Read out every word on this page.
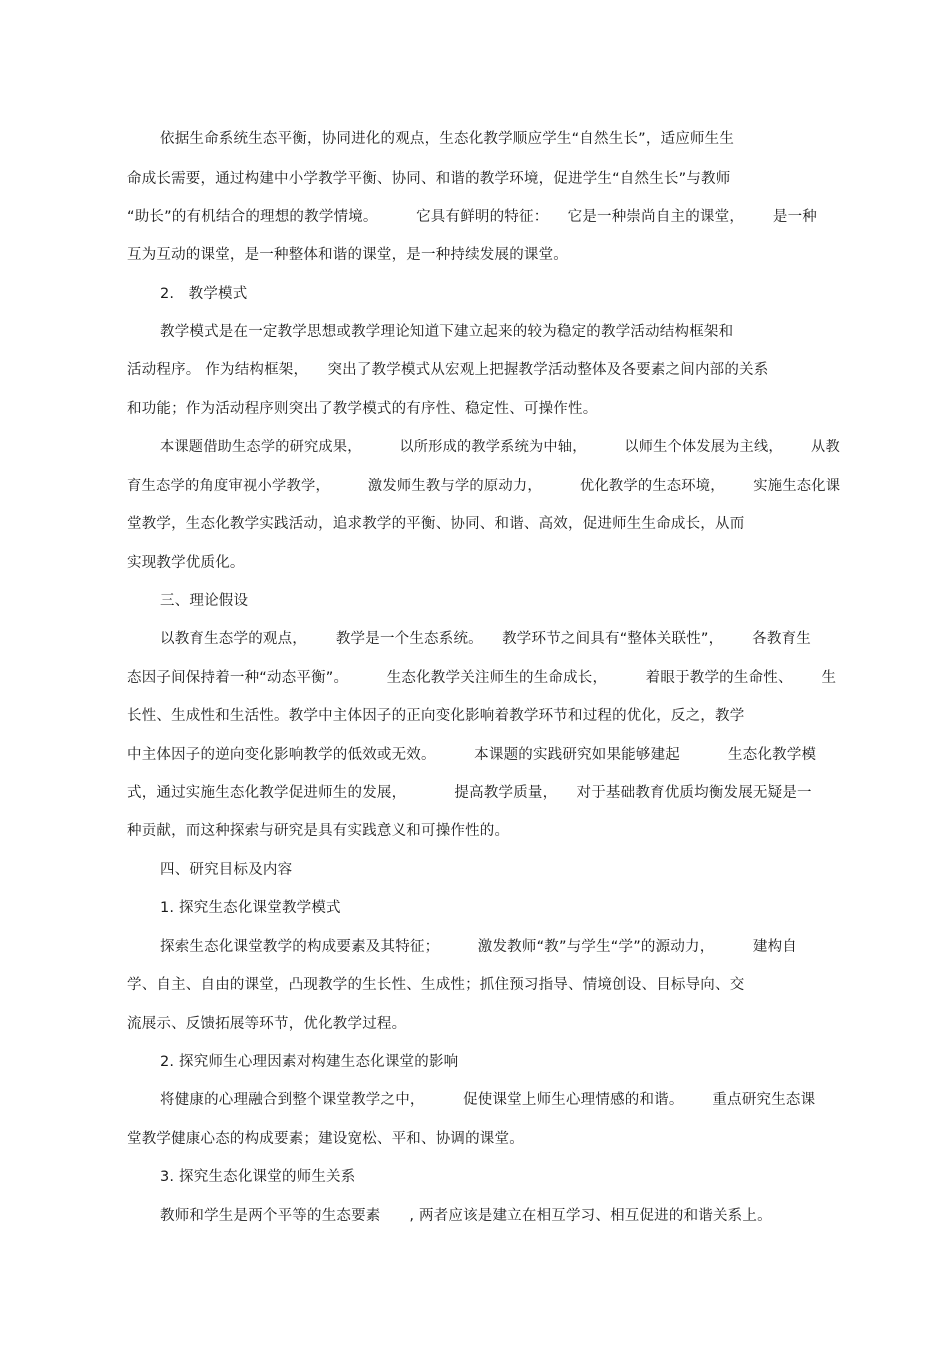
依据生命系统生态平衡，协同进化的观点，生态化教学顺应学生“自然生长”，适应师生生
命成长需要，通过构建中小学教学平衡、协同、和谐的教学环境，促进学生“自然生长”与教师
“助长”的有机结合的理想的教学情境。        它具有鲜明的特征：    它是一种崇尚自主的课堂，      是一种
互为互动的课堂，是一种整体和谐的课堂，是一种持续发展的课堂。
2.   教学模式
教学模式是在一定教学思想或教学理论知道下建立起来的较为稳定的教学活动结构框架和
活动程序。 作为结构框架，    突出了教学模式从宏观上把握教学活动整体及各要素之间内部的关系
和功能；作为活动程序则突出了教学模式的有序性、稳定性、可操作性。
本课题借助生态学的研究成果，        以所形成的教学系统为中轴，        以师生个体发展为主线，      从教
育生态学的角度审视小学教学，        激发师生教与学的原动力，        优化教学的生态环境，      实施生态化课
堂教学，生态化教学实践活动，追求教学的平衡、协同、和谐、高效，促进师生生命成长，从而
实现教学优质化。
三、理论假设
以教育生态学的观点，      教学是一个生态系统。    教学环节之间具有“整体关联性”，      各教育生
态因子间保持着一种“动态平衡”。        生态化教学关注师生的生命成长，        着眼于教学的生命性、      生
长性、生成性和生活性。教学中主体因子的正向变化影响着教学环节和过程的优化，反之，教学
中主体因子的逆向变化影响教学的低效或无效。        本课题的实践研究如果能够建起          生态化教学模
式，通过实施生态化教学促进师生的发展，          提高教学质量，    对于基础教育优质均衡发展无疑是一
种贡献，而这种探索与研究是具有实践意义和可操作性的。
四、研究目标及内容
1. 探究生态化课堂教学模式
探索生态化课堂教学的构成要素及其特征；        激发教师“教”与学生“学”的源动力，        建构自
学、自主、自由的课堂，凸现教学的生长性、生成性；抓住预习指导、情境创设、目标导向、交
流展示、反馈拓展等环节，优化教学过程。
2. 探究师生心理因素对构建生态化课堂的影响
将健康的心理融合到整个课堂教学之中，        促使课堂上师生心理情感的和谐。      重点研究生态课
堂教学健康心态的构成要素；建设宽松、平和、协调的课堂。
3. 探究生态化课堂的师生关系
教师和学生是两个平等的生态要素      , 两者应该是建立在相互学习、相互促进的和谐关系上。
